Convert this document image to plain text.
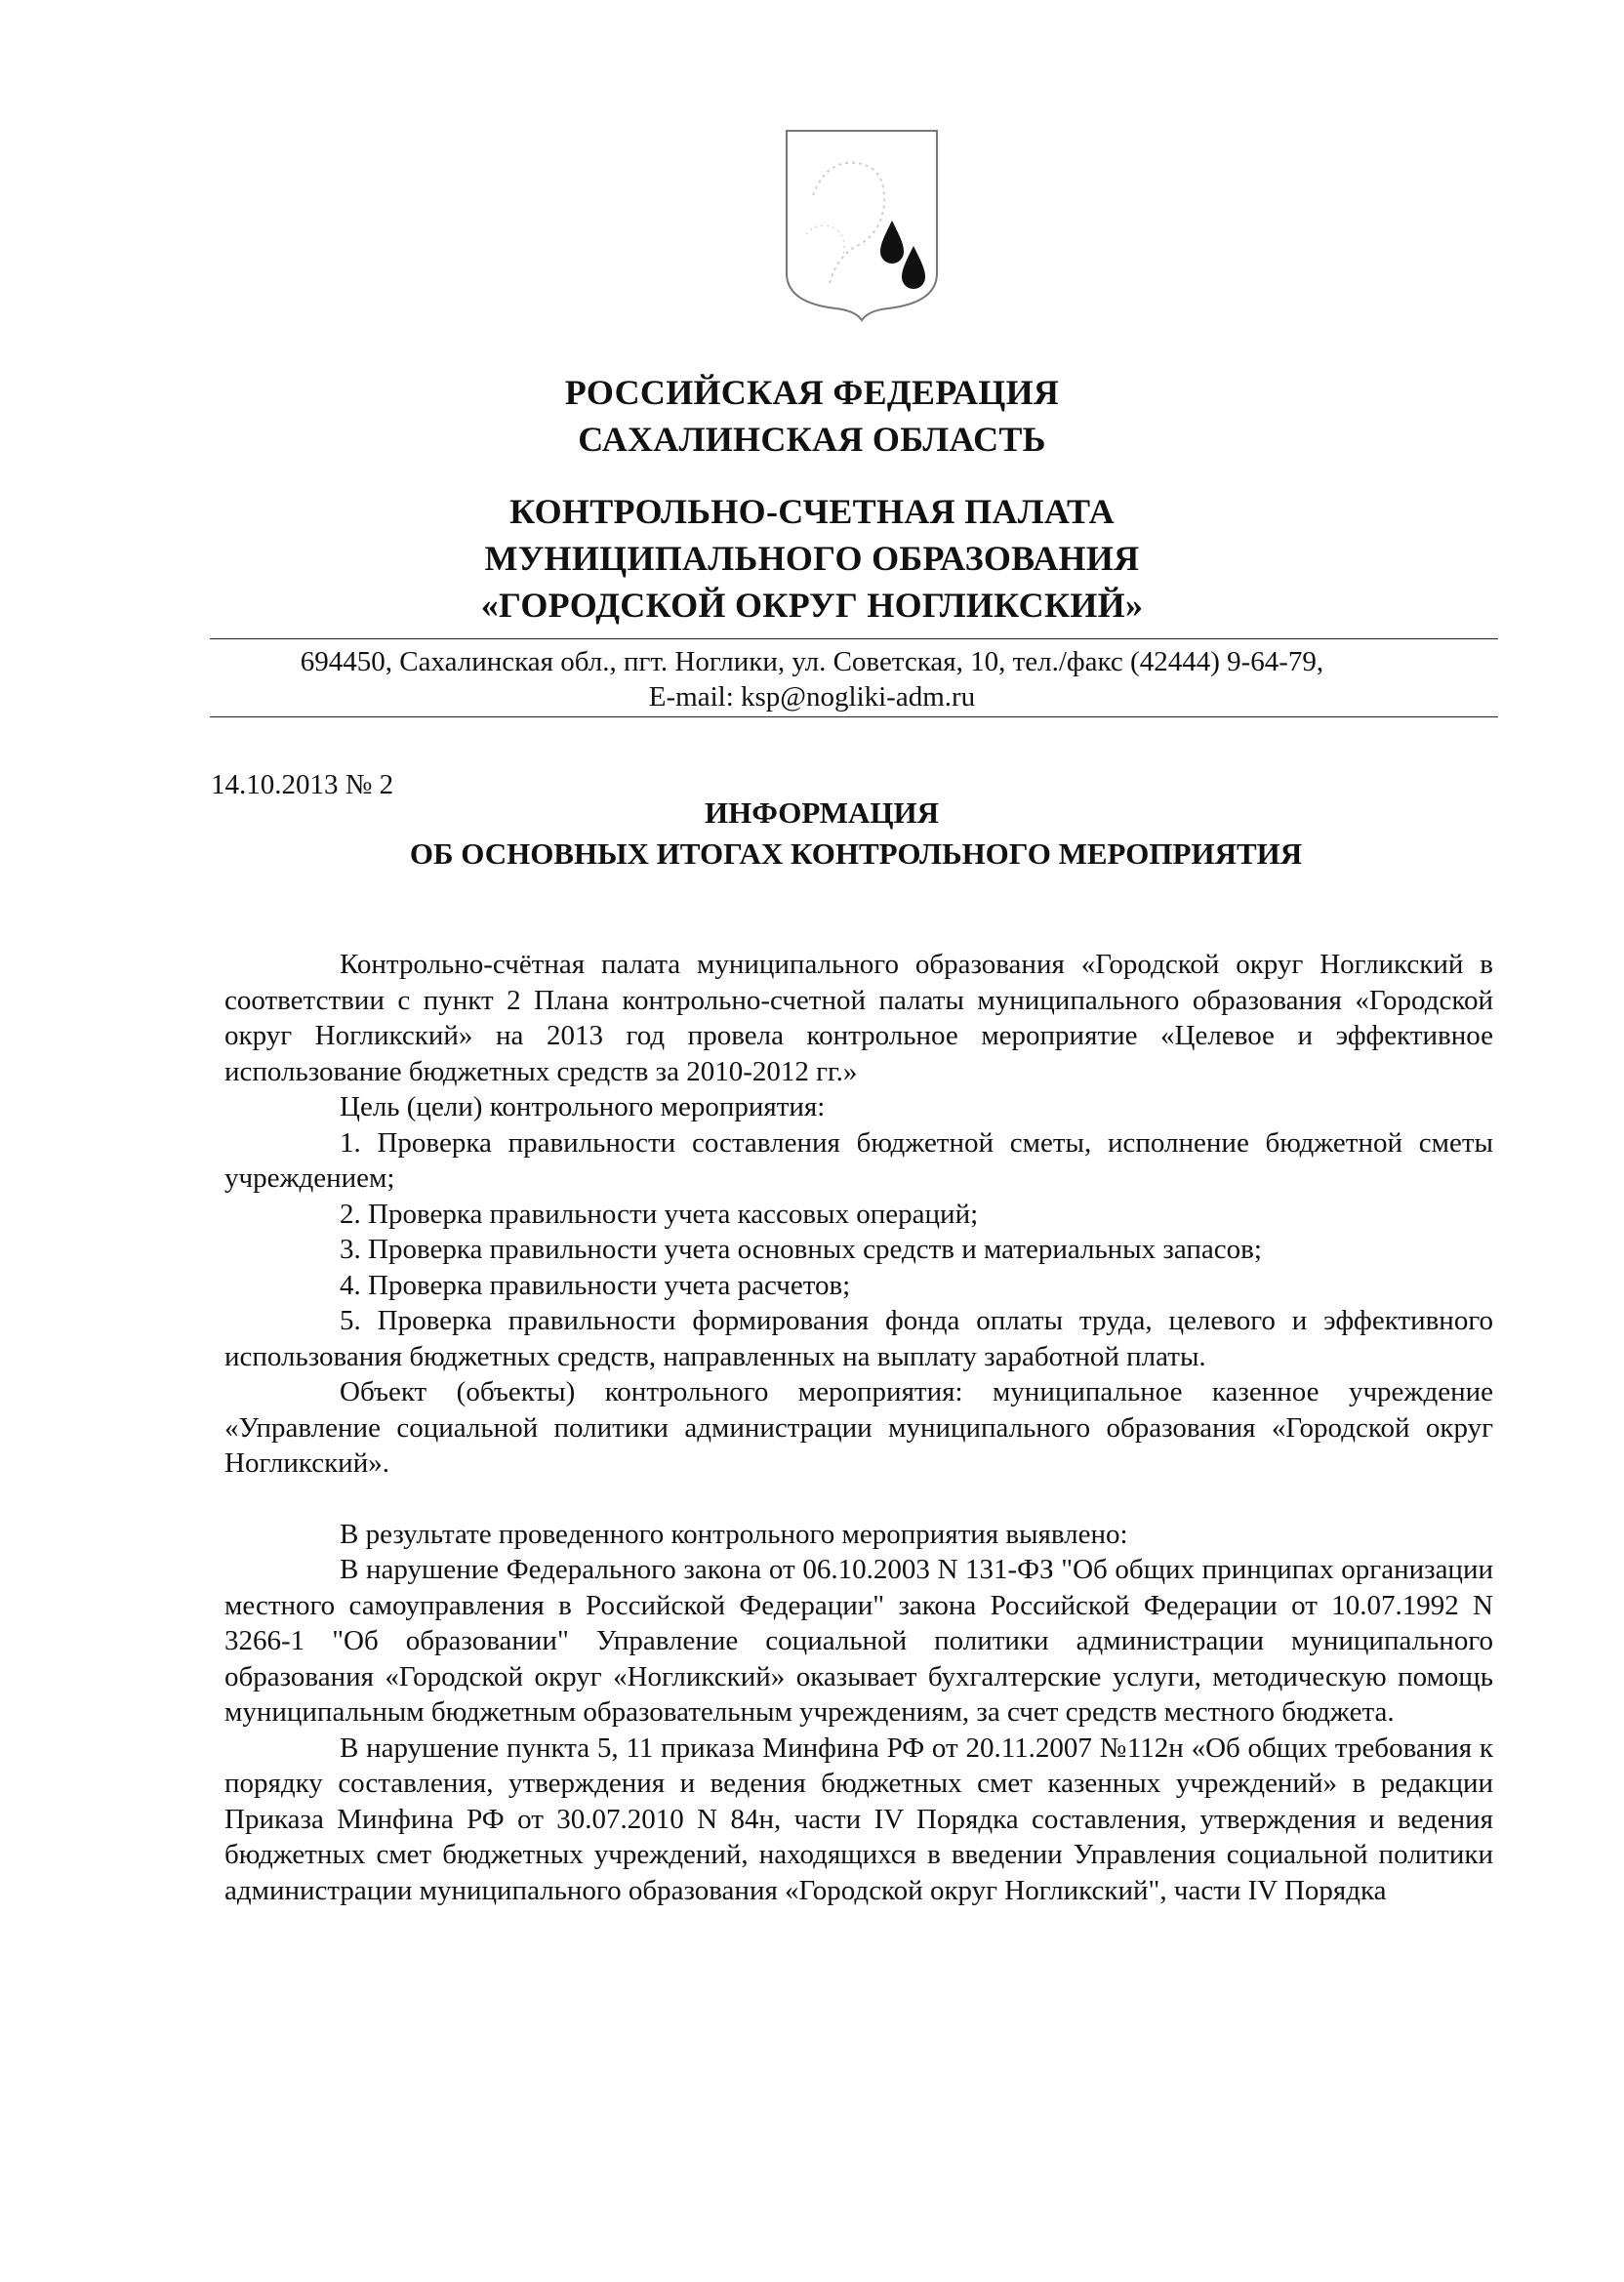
РОССИЙСКАЯ ФЕДЕРАЦИЯ
САХАЛИНСКАЯ ОБЛАСТЬ
КОНТРОЛЬНО-СЧЕТНАЯ ПАЛАТА
МУНИЦИПАЛЬНОГО ОБРАЗОВАНИЯ
«ГОРОДСКОЙ ОКРУГ НОГЛИКСКИЙ»
694450, Сахалинская обл., пгт. Ноглики, ул. Советская, 10, тел./факс (42444) 9-64-79,
E-mail: ksp@nogliki-adm.ru
14.10.2013 № 2
ИНФОРМАЦИЯ
ОБ ОСНОВНЫХ ИТОГАХ КОНТРОЛЬНОГО МЕРОПРИЯТИЯ

Контрольно-счётная палата муниципального образования «Городской округ Ногликский в соответствии с пункт 2 Плана контрольно-счетной палаты муниципального образования «Городской округ Ногликский» на 2013 год провела контрольное мероприятие «Целевое и эффективное использование бюджетных средств за 2010-2012 гг.»

Цель (цели) контрольного мероприятия:

1. Проверка правильности составления бюджетной сметы, исполнение бюджетной сметы учреждением;

2. Проверка правильности учета кассовых операций;

3. Проверка правильности учета основных средств и материальных запасов;

4. Проверка правильности учета расчетов;

5. Проверка правильности формирования фонда оплаты труда, целевого и эффективного использования бюджетных средств, направленных на выплату заработной платы.

Объект (объекты) контрольного мероприятия: муниципальное казенное учреждение «Управление социальной политики администрации муниципального образования «Городской округ Ногликский».

В результате проведенного контрольного мероприятия выявлено:

В нарушение Федерального закона от 06.10.2003 N 131-ФЗ "Об общих принципах организации местного самоуправления в Российской Федерации" закона Российской Федерации от 10.07.1992 N 3266-1 "Об образовании" Управление социальной политики администрации муниципального образования «Городской округ «Ногликский» оказывает бухгалтерские услуги, методическую помощь муниципальным бюджетным образовательным учреждениям, за счет средств местного бюджета.

В нарушение пункта 5, 11 приказа Минфина РФ от 20.11.2007 №112н «Об общих требования к порядку составления, утверждения и ведения бюджетных смет казенных учреждений» в редакции Приказа Минфина РФ от 30.07.2010 N 84н, части IV Порядка составления, утверждения и ведения бюджетных смет бюджетных учреждений, находящихся в введении Управления социальной политики администрации муниципального образования «Городской округ Ногликский", части IV Порядка
